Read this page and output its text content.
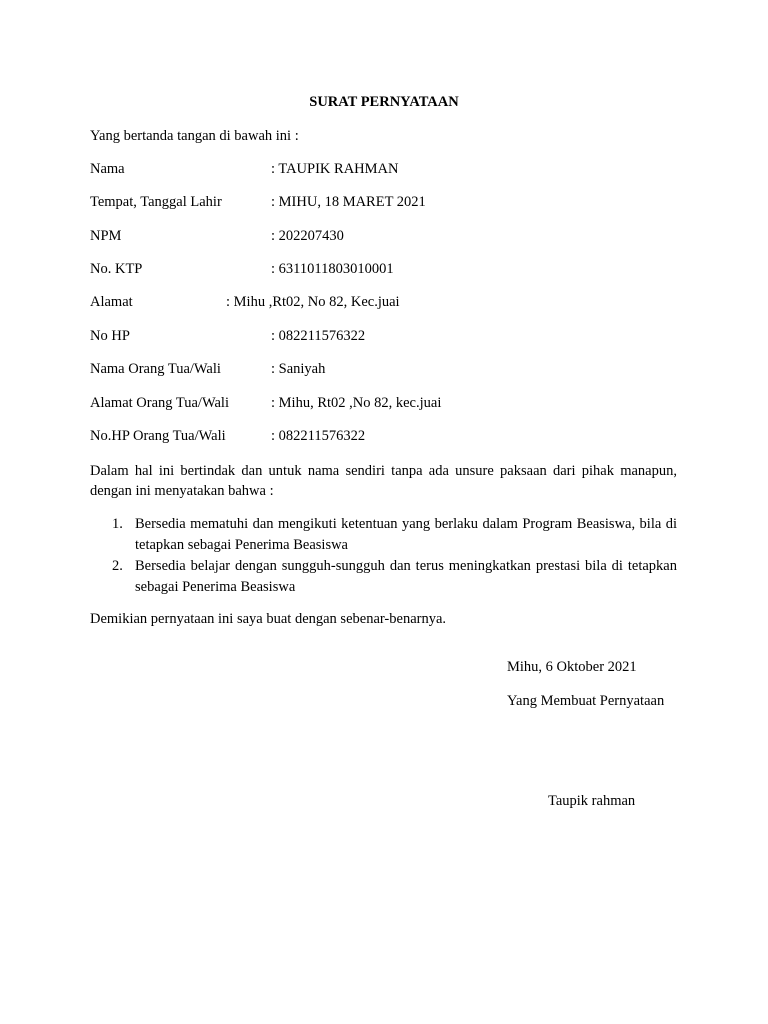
SURAT PERNYATAAN
Yang bertanda tangan di bawah ini :
Nama	: TAUPIK RAHMAN
Tempat, Tanggal Lahir	: MIHU, 18 MARET 2021
NPM	: 202207430
No. KTP	: 6311011803010001
Alamat	: Mihu ,Rt02, No 82, Kec.juai
No HP	: 082211576322
Nama Orang Tua/Wali	: Saniyah
Alamat Orang Tua/Wali	: Mihu, Rt02 ,No 82, kec.juai
No.HP Orang Tua/Wali	: 082211576322
Dalam hal ini bertindak dan untuk nama sendiri tanpa ada unsure paksaan dari pihak manapun, dengan ini menyatakan bahwa :
1. Bersedia mematuhi dan mengikuti ketentuan yang berlaku dalam Program Beasiswa, bila di tetapkan sebagai Penerima Beasiswa
2. Bersedia belajar dengan sungguh-sungguh dan terus meningkatkan prestasi bila di tetapkan sebagai Penerima Beasiswa
Demikian pernyataan ini saya buat dengan sebenar-benarnya.
Mihu, 6 Oktober 2021
Yang Membuat Pernyataan
Taupik rahman
